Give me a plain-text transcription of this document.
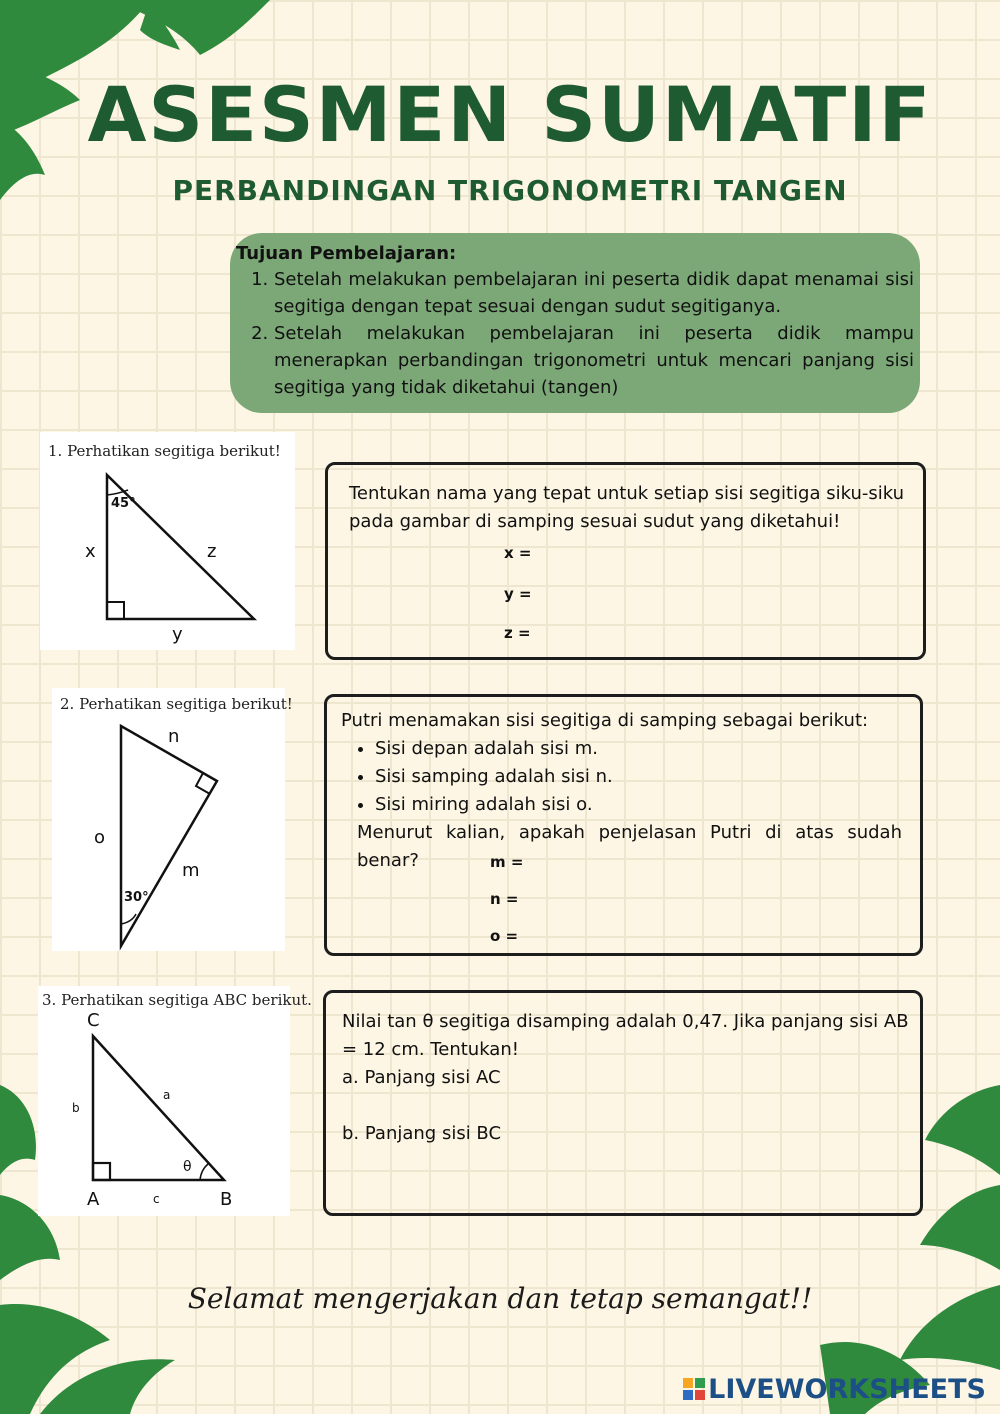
ASESMEN SUMATIF
PERBANDINGAN TRIGONOMETRI TANGEN

Tujuan Pembelajaran:

1. Setelah melakukan pembelajaran ini peserta didik dapat menamai sisi segitiga dengan tepat sesuai dengan sudut segitiganya.
2. Setelah melakukan pembelajaran ini peserta didik mampu menerapkan perbandingan trigonometri untuk mencari panjang sisi segitiga yang tidak diketahui (tangen)
1. Perhatikan segitiga berikut!
45°
x	z
y
Tentukan nama yang tepat untuk setiap sisi segitiga siku-siku pada gambar di samping sesuai sudut yang diketahui!
x =
y =
z =
2. Perhatikan segitiga berikut!
n
o
m
30°
Putri menamakan sisi segitiga di samping sebagai berikut:
• Sisi depan adalah sisi m.
• Sisi samping adalah sisi n.
• Sisi miring adalah sisi o.
Menurut kalian, apakah penjelasan Putri di atas sudah benar?	m =
n =
o =
3. Perhatikan segitiga ABC berikut.
C
b
a
θ
A	c	B
Nilai tan θ segitiga disamping adalah 0,47. Jika panjang sisi AB = 12 cm. Tentukan!
a. Panjang sisi AC
b. Panjang sisi BC
Selamat mengerjakan dan tetap semangat!!
LIVEWORKSHEETS
